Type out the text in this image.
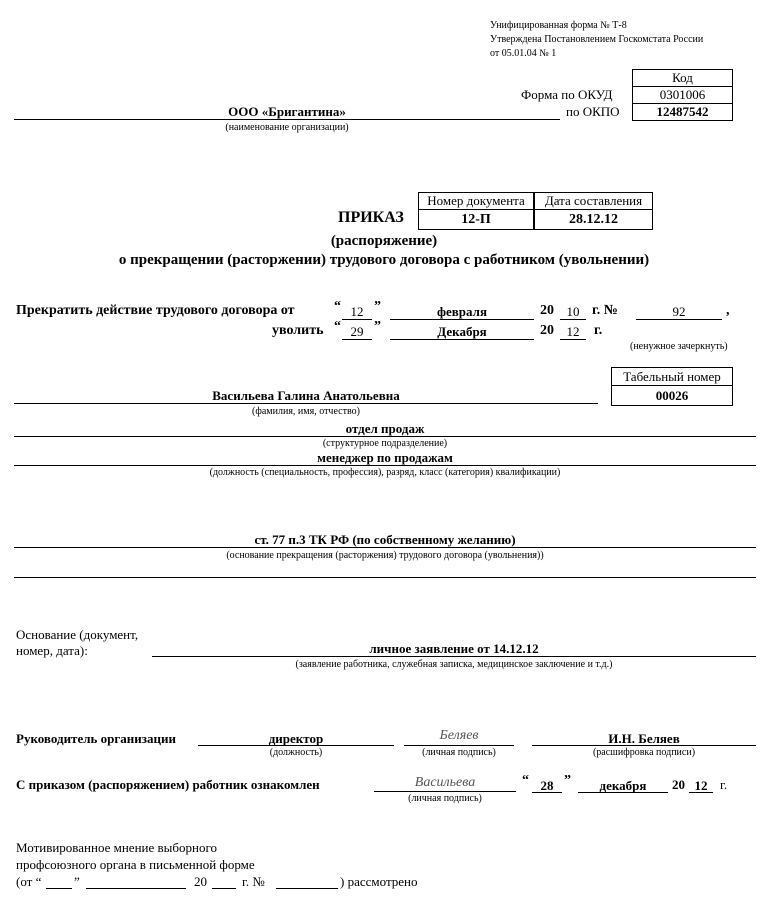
Унифицированная форма № Т-8
Утверждена Постановлением Госкомстата России
от 05.01.04 № 1
Код
Форма по ОКУД	0301006
по ОКПО	12487542
ООО «Бригантина»
(наименование организации)
Номер документа	Дата составления
12-П	28.12.12
ПРИКАЗ
(распоряжение)
о прекращении (расторжении) трудового договора с работником (увольнении)
Прекратить действие трудового договора от	“ 12 ”	февраля	20 10 г. №	92	,
уволить “ 29 ”	Декабря	20 12	г.
(ненужное зачеркнуть)
Табельный номер
00026
Васильева Галина Анатольевна
(фамилия, имя, отчество)
отдел продаж
(структурное подразделение)
менеджер по продажам
(должность (специальность, профессия), разряд, класс (категория) квалификации)
ст. 77 п.3 ТК РФ (по собственному желанию)
(основание прекращения (расторжения) трудового договора (увольнения))
Основание (документ,
номер, дата):	личное заявление от 14.12.12
(заявление работника, служебная записка, медицинское заключение и т.д.)
Руководитель организации	директор
(должность)
Беляев
(личная подпись)
И.Н. Беляев
(расшифровка подписи)
С приказом (распоряжением) работник ознакомлен	Васильева
(личная подпись)
“ 28 ”	декабря	20 12 г.
Мотивированное мнение выборного
профсоюзного органа в письменной форме
(от “	”	20	г. №	) рассмотрено
